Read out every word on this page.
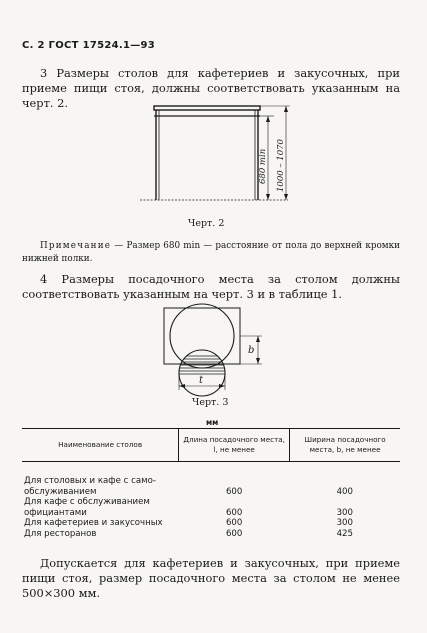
С. 2 ГОСТ 17524.1—93

3 Размеры столов для кафетериев и закусочных, при приеме пищи стоя, должны соответствовать указанным на черт. 2.

680 min 1000 – 1070
Черт. 2

Примечание — Размер 680 min — расстояние от пола до верхней кромки нижней полки.

4 Размеры посадочного места за столом должны соответствовать указанным на черт. 3 и в таблице 1.

t
b
Черт. 3
мм
Наименование столов	Длина посадочного места, l, не менее	Ширина посадочного места, b, не менее
Для столовых и кафе с само-
обслуживанием	600	400
Для кафе с обслуживанием
официантами	600	300
Для кафетериев и закусочных	600	300
Для ресторанов	600	425

Допускается для кафетериев и закусочных, при приеме пищи стоя, размер посадочного места за столом не менее 500×300 мм.
